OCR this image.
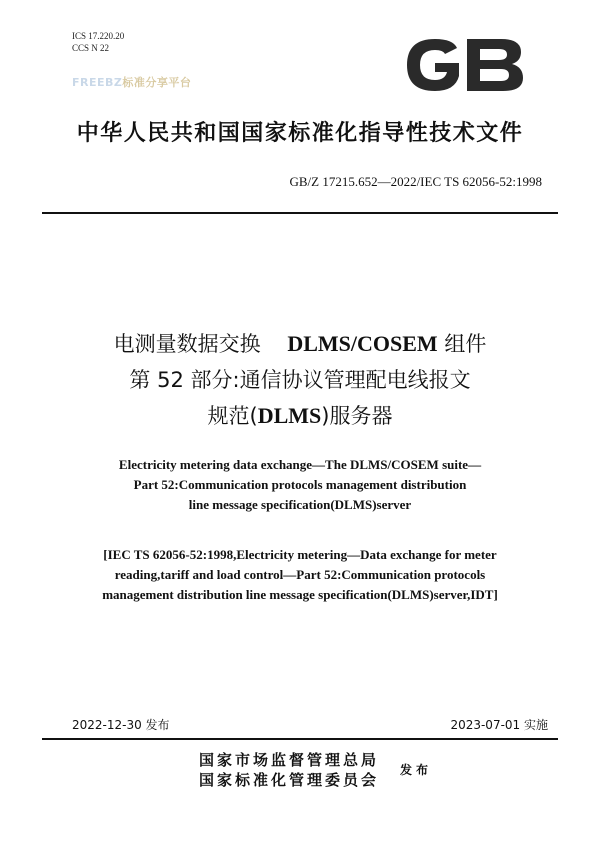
ICS 17.220.20
CCS N 22
FREEBZ标准分享平台
中华人民共和国国家标准化指导性技术文件
GB/Z 17215.652—2022/IEC TS 62056-52:1998
电测量数据交换 DLMS/COSEM 组件
第 52 部分:通信协议管理配电线报文
规范(DLMS)服务器
Electricity metering data exchange—The DLMS/COSEM suite—
Part 52:Communication protocols management distribution
line message specification(DLMS)server
[IEC TS 62056-52:1998,Electricity metering—Data exchange for meter
reading,tariff and load control—Part 52:Communication protocols
management distribution line message specification(DLMS)server,IDT]
2022-12-30 发布	2023-07-01 实施
国家市场监督管理总局
国家标准化管理委员会
发布
